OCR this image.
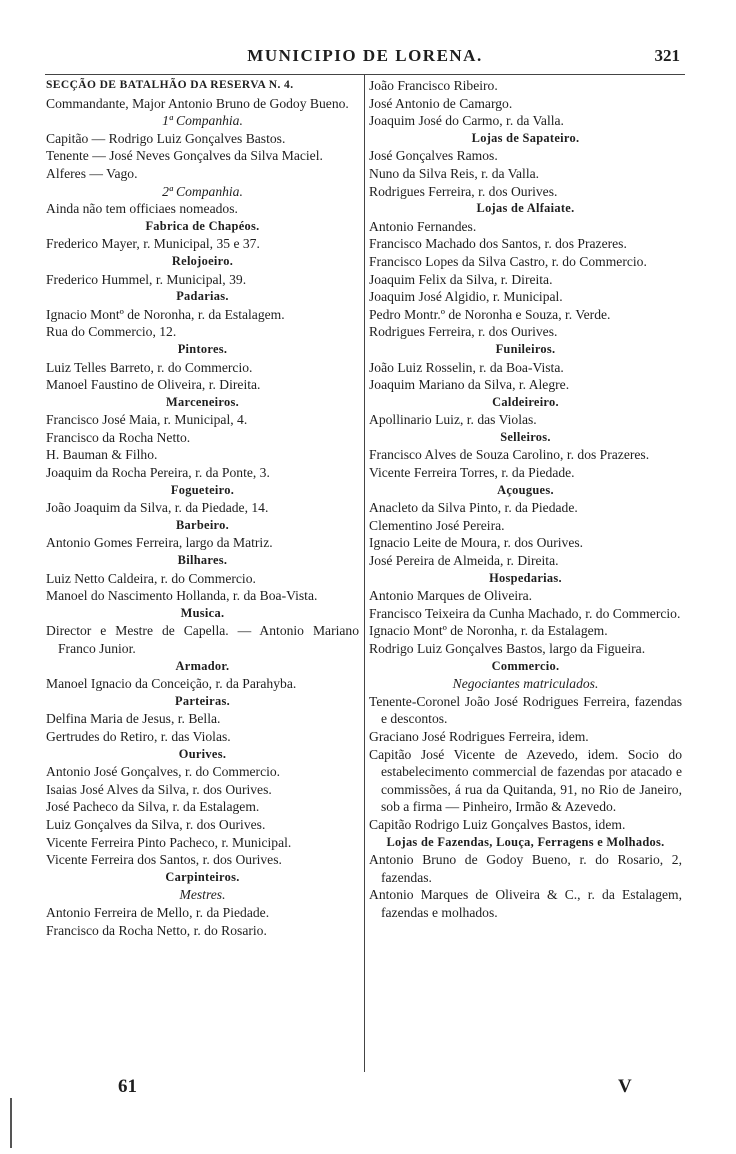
MUNICIPIO DE LORENA.	321
SECÇÃO DE BATALHÃO DA RESERVA N. 4.
Commandante, Major Antonio Bruno de Godoy Bueno.
1ª Companhia.
Capitão — Rodrigo Luiz Gonçalves Bastos.
Tenente — José Neves Gonçalves da Silva Maciel.
Alferes — Vago.
2ª Companhia.
Ainda não tem officiaes nomeados.
Fabrica de Chapéos.
Frederico Mayer, r. Municipal, 35 e 37.
Relojoeiro.
Frederico Hummel, r. Municipal, 39.
Padarias.
Ignacio Montº de Noronha, r. da Estalagem.
Rua do Commercio, 12.
Pintores.
Luiz Telles Barreto, r. do Commercio.
Manoel Faustino de Oliveira, r. Direita.
Marceneiros.
Francisco José Maia, r. Municipal, 4.
Francisco da Rocha Netto.
H. Bauman & Filho.
Joaquim da Rocha Pereira, r. da Ponte, 3.
Fogueteiro.
João Joaquim da Silva, r. da Piedade, 14.
Barbeiro.
Antonio Gomes Ferreira, largo da Matriz.
Bilhares.
Luiz Netto Caldeira, r. do Commercio.
Manoel do Nascimento Hollanda, r. da Boa-Vista.
Musica.
Director e Mestre de Capella. — Antonio Mariano Franco Junior.
Armador.
Manoel Ignacio da Conceição, r. da Parahyba.
Parteiras.
Delfina Maria de Jesus, r. Bella.
Gertrudes do Retiro, r. das Violas.
Ourives.
Antonio José Gonçalves, r. do Commercio.
Isaias José Alves da Silva, r. dos Ourives.
José Pacheco da Silva, r. da Estalagem.
Luiz Gonçalves da Silva, r. dos Ourives.
Vicente Ferreira Pinto Pacheco, r. Municipal.
Vicente Ferreira dos Santos, r. dos Ourives.
Carpinteiros.
Mestres.
Antonio Ferreira de Mello, r. da Piedade.
Francisco da Rocha Netto, r. do Rosario.
João Francisco Ribeiro.
José Antonio de Camargo.
Joaquim José do Carmo, r. da Valla.
Lojas de Sapateiro.
José Gonçalves Ramos.
Nuno da Silva Reis, r. da Valla.
Rodrigues Ferreira, r. dos Ourives.
Lojas de Alfaiate.
Antonio Fernandes.
Francisco Machado dos Santos, r. dos Prazeres.
Francisco Lopes da Silva Castro, r. do Commercio.
Joaquim Felix da Silva, r. Direita.
Joaquim José Algidio, r. Municipal.
Pedro Montr.º de Noronha e Souza, r. Verde.
Rodrigues Ferreira, r. dos Ourives.
Funileiros.
João Luiz Rosselin, r. da Boa-Vista.
Joaquim Mariano da Silva, r. Alegre.
Caldeireiro.
Apollinario Luiz, r. das Violas.
Selleiros.
Francisco Alves de Souza Carolino, r. dos Prazeres.
Vicente Ferreira Torres, r. da Piedade.
Açougues.
Anacleto da Silva Pinto, r. da Piedade.
Clementino José Pereira.
Ignacio Leite de Moura, r. dos Ourives.
José Pereira de Almeida, r. Direita.
Hospedarias.
Antonio Marques de Oliveira.
Francisco Teixeira da Cunha Machado, r. do Commercio.
Ignacio Montº de Noronha, r. da Estalagem.
Rodrigo Luiz Gonçalves Bastos, largo da Figueira.
Commercio.
Negociantes matriculados.
Tenente-Coronel João José Rodrigues Ferreira, fazendas e descontos.
Graciano José Rodrigues Ferreira, idem.
Capitão José Vicente de Azevedo, idem. Socio do estabelecimento commercial de fazendas por atacado e commissões, á rua da Quitanda, 91, no Rio de Janeiro, sob a firma — Pinheiro, Irmão & Azevedo.
Capitão Rodrigo Luiz Gonçalves Bastos, idem.
Lojas de Fazendas, Louça, Ferragens e Molhados.
Antonio Bruno de Godoy Bueno, r. do Rosario, 2, fazendas.
Antonio Marques de Oliveira & C., r. da Estalagem, fazendas e molhados.
61	V
